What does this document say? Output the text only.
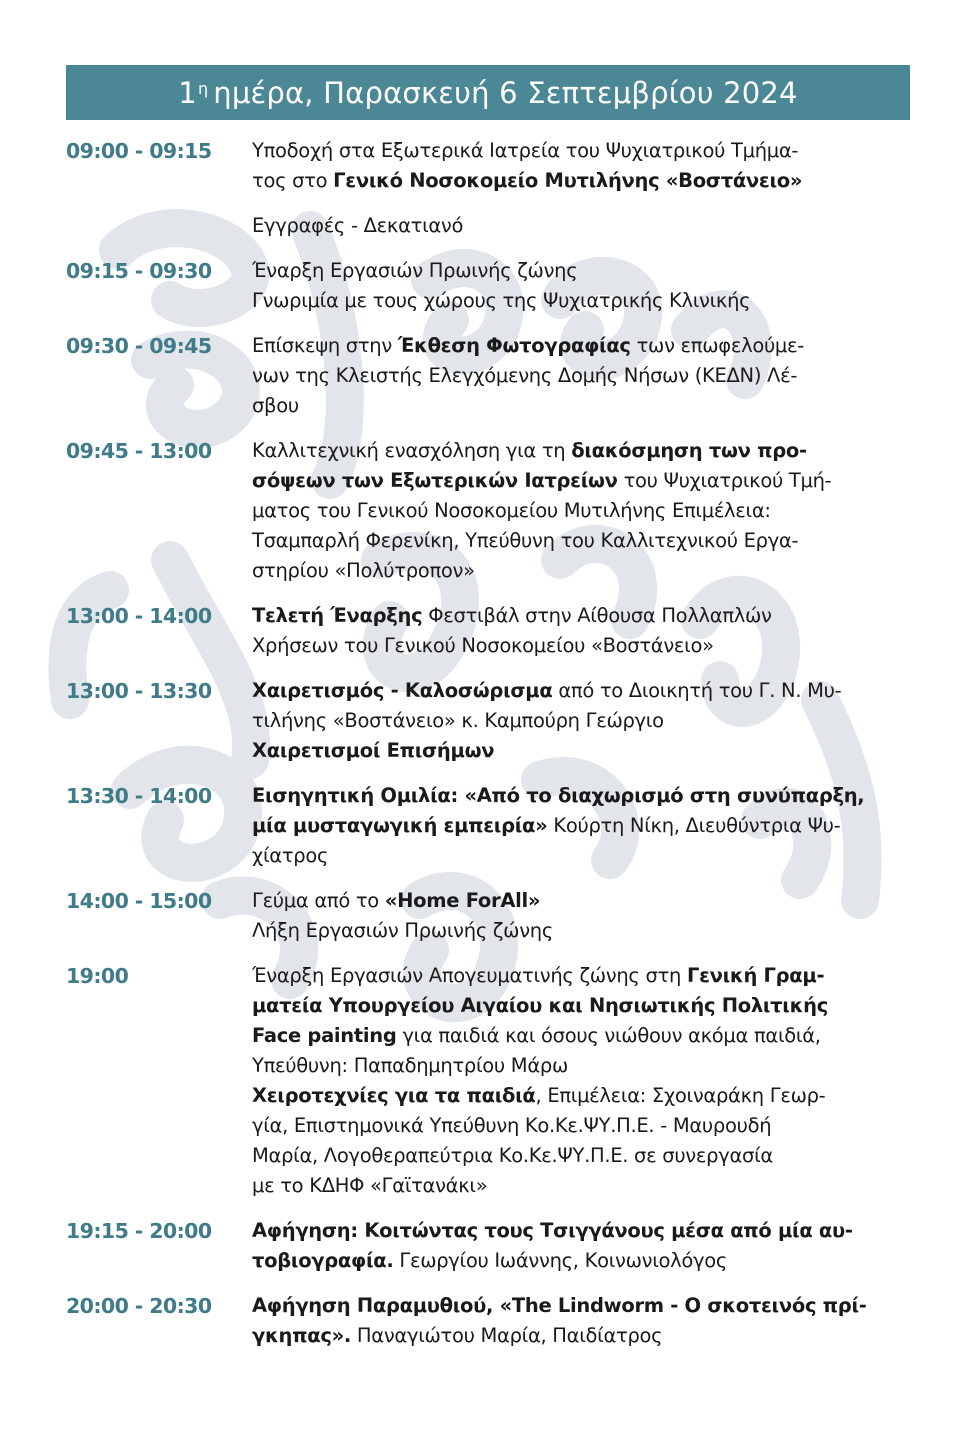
$1^\eta$ ημέρα, Παρασκευή 6 Σεπτεμβρίου 2024
09:00 - 09:15	Υποδοχή στα Εξωτερικά Ιατρεία του Ψυχιατρικού Τμήμα-
τος στο Γενικό Νοσοκομείο Μυτιλήνης «Βοστάνειο»
Εγγραφές - Δεκατιανό
09:15 - 09:30	Έναρξη Εργασιών Πρωινής ζώνης
Γνωριμία με τους χώρους της Ψυχιατρικής Κλινικής
09:30 - 09:45	Επίσκεψη στην Έκθεση Φωτογραφίας των επωφελούμε-
νων της Κλειστής Ελεγχόμενης Δομής Νήσων (ΚΕΔΝ) Λέ-
σβου
09:45 - 13:00	Καλλιτεχνική ενασχόληση για τη διακόσμηση των προ-
σόψεων των Εξωτερικών Ιατρείων του Ψυχιατρικού Τμή-
ματος του Γενικού Νοσοκομείου Μυτιλήνης Επιμέλεια:
Τσαμπαρλή Φερενίκη, Υπεύθυνη του Καλλιτεχνικού Εργα-
στηρίου «Πολύτροπον»
13:00 - 14:00	Τελετή Έναρξης Φεστιβάλ στην Αίθουσα Πολλαπλών
Χρήσεων του Γενικού Νοσοκομείου «Βοστάνειο»
13:00 - 13:30	Χαιρετισμός - Καλοσώρισμα από το Διοικητή του Γ. Ν. Μυ-
τιλήνης «Βοστάνειο» κ. Καμπούρη Γεώργιο
Χαιρετισμοί Επισήμων
13:30 - 14:00	Εισηγητική Ομιλία: «Από το διαχωρισμό στη συνύπαρξη,
μία μυσταγωγική εμπειρία» Κούρτη Νίκη, Διευθύντρια Ψυ-
χίατρος
14:00 - 15:00	Γεύμα από το «Home ForAll»
Λήξη Εργασιών Πρωινής ζώνης
19:00	Έναρξη Εργασιών Απογευματινής ζώνης στη Γενική Γραμ-
ματεία Υπουργείου Αιγαίου και Νησιωτικής Πολιτικής
Face painting για παιδιά και όσους νιώθουν ακόμα παιδιά,
Υπεύθυνη: Παπαδημητρίου Μάρω
Χειροτεχνίες για τα παιδιά, Επιμέλεια: Σχοιναράκη Γεωρ-
γία, Επιστημονικά Υπεύθυνη Κο.Κε.ΨΥ.Π.Ε. - Μαυρουδή
Μαρία, Λογοθεραπεύτρια Κο.Κε.ΨΥ.Π.Ε. σε συνεργασία
με το ΚΔΗΦ «Γαϊτανάκι»
19:15 - 20:00	Αφήγηση: Κοιτώντας τους Τσιγγάνους μέσα από μία αυ-
τοβιογραφία. Γεωργίου Ιωάννης, Κοινωνιολόγος
20:00 - 20:30	Αφήγηση Παραμυθιού, «The Lindworm - Ο σκοτεινός πρί-
γκηπας». Παναγιώτου Μαρία, Παιδίατρος
